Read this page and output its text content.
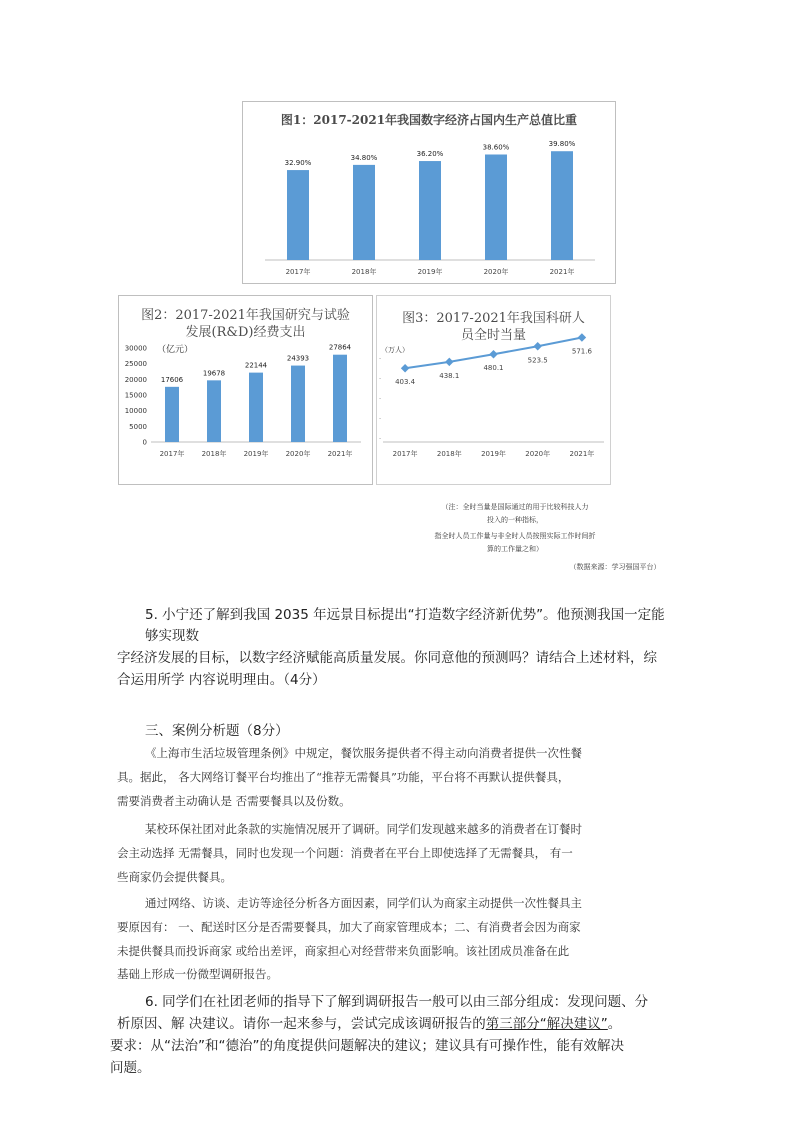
图1：2017-2021年我国数字经济占国内生产总值比重
32.90%
2017年
34.80%
2018年
36.20%
2019年
38.60%
2020年
39.80%
2021年
图2：2017-2021年我国研究与试验
发展(R&D)经费支出
（亿元）
0
5000
10000
15000
20000
25000
30000
17606
2017年
19678
2018年
22144
2019年
24393
2020年
27864
2021年
图3：2017-2021年我国科研人
员全时当量
（万人）
-
-
-
-
-
403.4
2017年
438.1
2018年
480.1
2019年
523.5
2020年
571.6
2021年
（注：全时当量是国际通过的用于比较科技人力
投入的一种指标，
指全时人员工作量与非全时人员按照实际工作时间折
算的工作量之和）
（数据来源：学习强国平台）
5. 小宁还了解到我国 2035 年远景目标提出“打造数字经济新优势”。他预测我国一定能
够实现数
字经济发展的目标，以数字经济赋能高质量发展。你同意他的预测吗？请结合上述材料，综
合运用所学 内容说明理由。（4分）
三、案例分析题（8分）
《上海市生活垃圾管理条例》中规定，餐饮服务提供者不得主动向消费者提供一次性餐
具。据此， 各大网络订餐平台均推出了“推荐无需餐具”功能，平台将不再默认提供餐具，
需要消费者主动确认是 否需要餐具以及份数。
某校环保社团对此条款的实施情况展开了调研。同学们发现越来越多的消费者在订餐时
会主动选择 无需餐具，同时也发现一个问题：消费者在平台上即使选择了无需餐具， 有一
些商家仍会提供餐具。
通过网络、访谈、走访等途径分析各方面因素，同学们认为商家主动提供一次性餐具主
要原因有： 一、配送时区分是否需要餐具，加大了商家管理成本；二、有消费者会因为商家
未提供餐具而投诉商家 或给出差评，商家担心对经营带来负面影响。该社团成员准备在此
基础上形成一份微型调研报告。
6. 同学们在社团老师的指导下了解到调研报告一般可以由三部分组成：发现问题、分
析原因、解 决建议。请你一起来参与，尝试完成该调研报告的第三部分“解决建议”。
要求：从“法治”和“德治”的角度提供问题解决的建议；建议具有可操作性，能有效解决
问题。
